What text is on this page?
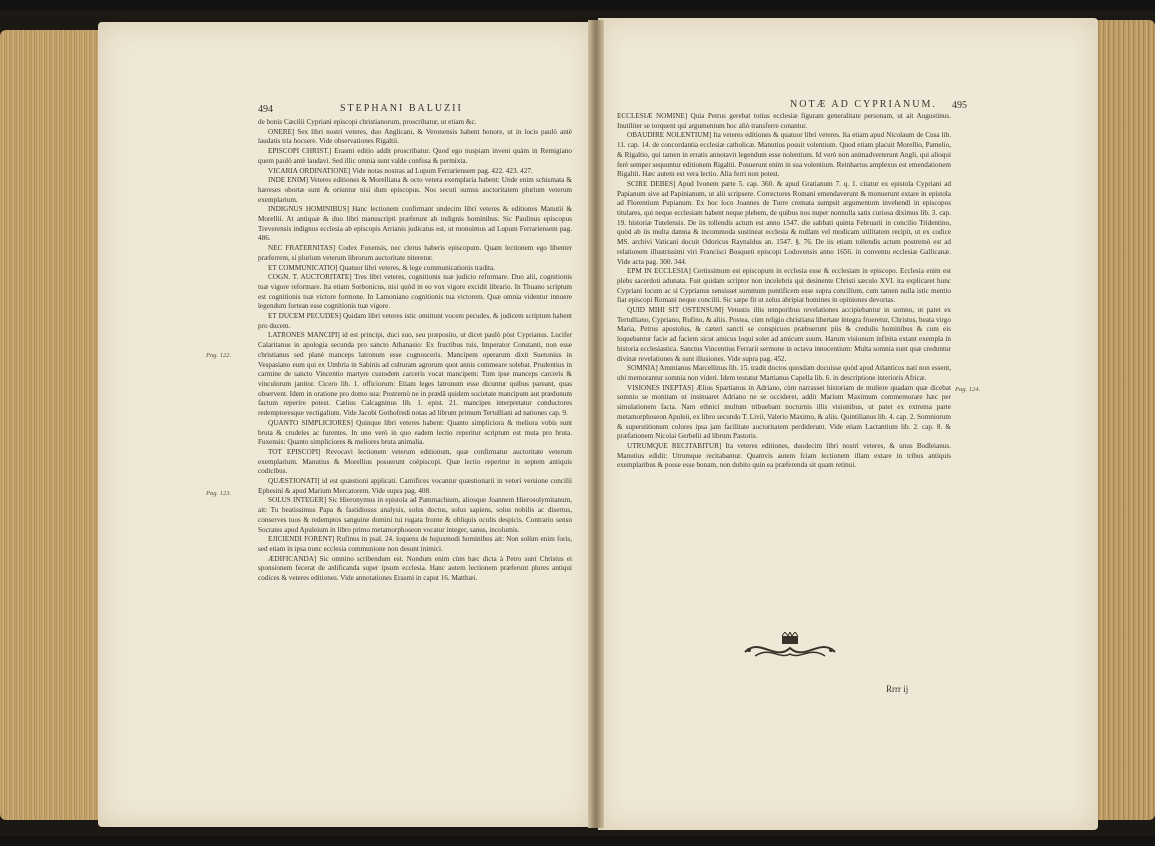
494	STEPHANI BALUZII
Pag. 122.
Pag. 123.

de bonis Cæcilii Cypriani episcopi christianorum, proscribatur, ut etiam &c.

ONERE] Sex libri nostri veteres, duo Anglicani, & Veronensis habent honore, ut in locis paulò antè laudatis tria hocsere. Vide observationes Rigaltii.

EPISCOPI CHRIST.] Erasmi editio addit proscribatur. Quod ego nuspiam inveni quàm in Remigiano quem paulò antè laudavi. Sed illic omnia sunt valde confusa & permixta.

VICARIA ORDINATIONE] Vide notas nostras ad Lupum Ferrariensem pag. 422. 423. 427.

INDE ENIM] Veteres editiones & Morelliana & octo vetera exemplaria habent: Unde enim schismata & hæreses obortæ sunt & oriuntur nisi dum episcopus. Nos secuti sumus auctoritatem plurium veterum exemplarium.

INDIGNUS HOMINIBUS] Hanc lectionem confirmant undecim libri veteres & editiones Manutii & Morellii. At antiquæ & duo libri manuscripti præferunt ab indignis hominibus. Sic Paulinus episcopus Treverensis indignus ecclesia ab episcopis Arrianis judicatus est, ut monuimus ad Lupum Ferrariensem pag. 486.

NEC FRATERNITAS] Codex Fuxensis, nec clerus haberis episcopum. Quam lectionem ego libenter præferrem, si plurium veterum librorum auctoritate niteretur.

ET COMMUNICATIO] Quatuor libri veteres, & lege communicationis tradita.

COGN. T. AUCTORITATE] Tres libri veteres, cognitionis tuæ judicio reformare. Duo alii, cognitionis tuæ vigore reformare. Ita etiam Sorbonicus, nisi quòd in eo vox vigore excidit librario. In Thuano scriptum est cognitionis tuæ victore formone. In Lamoniano cognitionis tua victorem. Quæ omnia videntur innuere legendum fortean esse cognitionis tuæ vigore.

ET DUCEM PECUDES] Quidam libri veteres istic omittunt vocem pecudes, & judicem scriptum habent pro ducem.

LATRONES MANCIPI] id est principi, duci suo, seu præposito, ut dicet paulò pòst Cyprianus. Lucifer Calaritanus in apologia secunda pro sancto Athanasio: Ex fructibus tuis, Imperator Constanti, non esse christianus sed planè manceps latronum esse cognosceris. Mancipem operarum dixit Suetonius in Vespasiano eum qui ex Umbria in Sabinis ad culturam agrorum quot annis commeare solebat. Prudentius in carmine de sancto Vincentio martyre custodem carceris vocat mancipem: Tum ipse manceps carceris & vinculorum janitor. Cicero lib. 1. officiorum: Etiam leges latronum esse dicuntur quibus pareant, quas observent. Idem in oratione pro domo sua: Postremò ne in prædâ quidem societate mancipum aut prædonum factum reperire potest. Cælius Calcagninus lib. 1. epist. 21. mancipes interpretatur conductores redemptoresque vectigalium. Vide Jacobi Gothofredi notas ad librum primum Tertulliani ad nationes cap. 9.

QUANTO SIMPLICIORES] Quinque libri veteres habent: Quanto simpliciora & meliora vobis sunt bruta & crudeles ac furentes. In uno verò in quo eadem lectio reperitur scriptum est muta pro bruta. Fuxensis: Quanto simpliciores & meliores bruta animalia.

TOT EPISCOPI] Revocavi lectionem veterum editionum, quæ confirmatur auctoritate veterum exemplarium. Manutius & Morellius posuerunt coëpiscopi. Quæ lectio reperitur in septem antiquis codicibus.

QUÆSTIONATI] id est quæstioni applicati. Carnifices vocantur quæstionarii in veteri versione concilii Ephesini & apud Marium Mercatorem. Vide supra pag. 408.

SOLUS INTEGER] Sic Hieronymus in epistola ad Pammachium, aliosque Joannem Hierosolymitanum, ait: Tu beatissimus Papa & fastidiosus analysis, solus doctus, solus sapiens, solus nobilis ac disertus, conserves tuos & redemptos sanguine domini tui rugata fronte & obliquis oculis despicis. Contrario sensu Socrates apud Apuleium in libro primo metamorphoseon vocatur integer, sanus, incolumis.

EJICIENDI FORENT] Rufinus in psal. 24. loquens de hujusmodi hominibus ait: Non solùm enim foris, sed etiam in ipsa nunc ecclesia communione non desunt inimici.

ÆDIFICANDA] Sic omnino scribendum est. Nondum enim cùm hæc dicta à Petro sunt Christus ei sponsionem fecerat de ædificanda super ipsum ecclesia. Hanc autem lectionem præferunt plures antiqui codices & veteres editiones. Vide annotationes Erasmi in caput 16. Matthæi.

NOTÆ AD CYPRIANUM. 495
Pag. 124.

ECCLESIÆ NOMINE] Quia Petrus gerebat totius ecclesiæ figuram generalitate personam, ut ait Augustinus. Inutiliter se torquent qui argumentum hoc aliò transferre conantur.

OBAUDIRE NOLENTIUM] Ita veteres editiones & quatuor libri veteres. Ita etiam apud Nicolaum de Cusa lib. 11. cap. 14. de concordantia ecclesiæ catholicæ. Manutius posuit volentium. Quod etiam placuit Morellio, Pamelio, & Rigaltio, qui tamen in erratis annotavit legendum esse nolentium. Id verò non animadverterunt Angli, qui alioqui ferè semper sequuntur editionem Rigaltii. Posuerunt enim in sua volentium. Reinhartus amplexus est emendationem Rigaltii. Hæc autem est vera lectio. Alia ferri non potest.

SCIRE DEBES] Apud Ivonem parte 5. cap. 360. & apud Gratianum 7. q. 1. citatur ex epistola Cypriani ad Papianum sive ad Papinianum, ut alii scripsere. Correctores Romani emendaverunt & monuerunt extare in epistola ad Florentium Pupianum. Ex hoc loco Joannes de Turre cremata sumpsit argumentum invehendi in episcopos titulares, qui neque ecclesiam habent neque plebem, de quibus nos nuper nonnulla satis curiosa diximus lib. 3. cap. 19. historiæ Tutelensis. De iis tollendis actum est anno 1547. die sabbati quinta Februarii in concilio Tridentino, quòd ab iis multa damna & incommoda sustineat ecclesia & nullam vel modicam utilitatem recipit, ut ex codice MS. archivi Vaticani docuit Odoricus Raynaldus an. 1547. §. 76. De iis etiam tollendis actum postremò est ad relationem illustrissimi viri Francisci Bosqueti episcopi Lodovensis anno 1656. in conventu ecclesiæ Gallicanæ. Vide acta pag. 300. 344.

EPM IN ECCLESIA] Certissimum est episcopum in ecclesia esse & ecclesiam in episcopo. Ecclesia enim est plebs sacerdoti adunata. Fuit quidam scriptor non incelebris qui desinente Christi sæculo XVI. ita explicaret hunc Cypriani locum ac si Cyprianus sensisset summum pontificem esse supra concilium, cum tamen nulla istic mentio fiat episcopi Romani neque concilii. Sic sæpe fit ut zelus abripiat homines in opiniones devortas.

QUID MIHI SIT OSTENSUM] Vetustis illis temporibus revelationes accipiebantur in somno, ut patet ex Tertulliano, Cypriano, Rufino, & aliis. Postea, cùm religio christiana libertate integra frueretur, Christus, beata virgo Maria, Petrus apostolus, & cæteri sancti se conspicuos præbuerunt piis & credulis hominibus & cum eis loquebantur facie ad faciem sicut amicus loqui solet ad amicum suum. Harum visionum infinita extant exempla in historia ecclesiastica. Sanctus Vincentius Ferrarii sermone in octava innocentium: Multa somnia sunt quæ creduntur divinæ revelationes & sunt illusiones. Vide supra pag. 452.

SOMNIA] Ammianus Marcellinus lib. 15. tradit doctos quosdam docuisse quòd apud Atlanticos nati non essent, ubi memorantur somnia non videri. Idem testatur Martianus Capella lib. 6. in descriptione interioris Africæ.

VISIONES INEPTAS] Ælius Spartianus in Adriano, cùm narrasset historiam de muliere quadam quæ dicebat somnio se monitam ut insinuaret Adriano ne se occideret, addit Marium Maximum commemorare hæc per simulationem facta. Nam ethnici multum tribuebant nocturnis illis visionibus, ut patet ex extrema parte metamorphoseon Apuleii, ex libro secundo T. Livii, Valerio Maximo, & aliis. Quintilianus lib. 4. cap. 2. Somniorum & superstitionum colores ipsa jam facilitate auctoritatem perdiderunt. Vide etiam Lactantium lib. 2. cap. 8. & præfationem Nicolai Gerbelii ad librum Pastoris.

UTRUMQUE RECITABITUR] Ita veteres editiones, duodecim libri nostri veteres, & unus Bodleianus. Manutius edidit: Utrumque recitabantur. Quamvis autem fciam lectionem illam extare in tribus antiquis exemplaribus & posse esse bonam, non dubito quin ea præferenda sit quam retinui.

Rrrr ij
